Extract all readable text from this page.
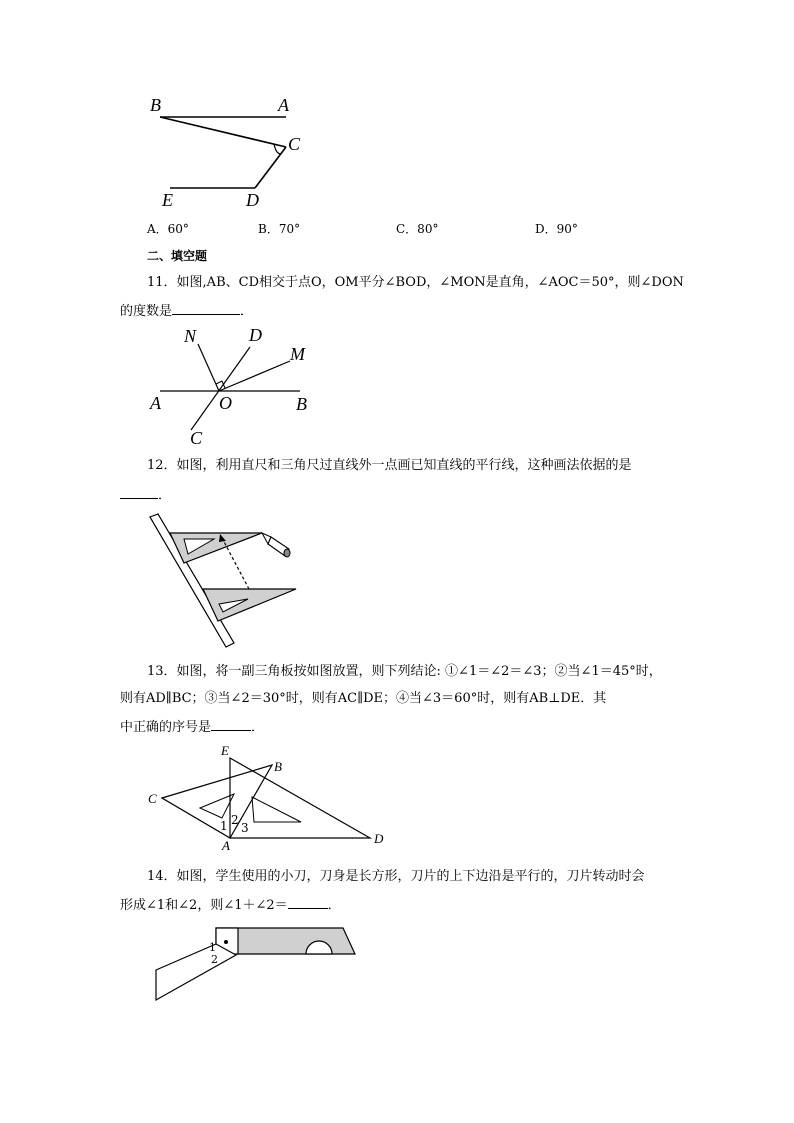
B	A
C
E	D
A．60°	B．70°	C．80°	D．90°
二、填空题
11．如图,AB、CD相交于点O，OM平分∠BOD，∠MON是直角，∠AOC＝50°，则∠DON
的度数是	．
N	D
M
A	O	B
C
12．如图，利用直尺和三角尺过直线外一点画已知直线的平行线，这种画法依据的是
．
13．如图，将一副三角板按如图放置，则下列结论: ①∠1＝∠2＝∠3；②当∠1＝45°时，
则有AD∥BC；③当∠2＝30°时，则有AC∥DE；④当∠3＝60°时，则有AB⊥DE．其
中正确的序号是	．
E
B
C
A	D
1 2
3
14．如图，学生使用的小刀，刀身是长方形，刀片的上下边沿是平行的，刀片转动时会
形成∠1和∠2，则∠1＋∠2＝	．
1
2
